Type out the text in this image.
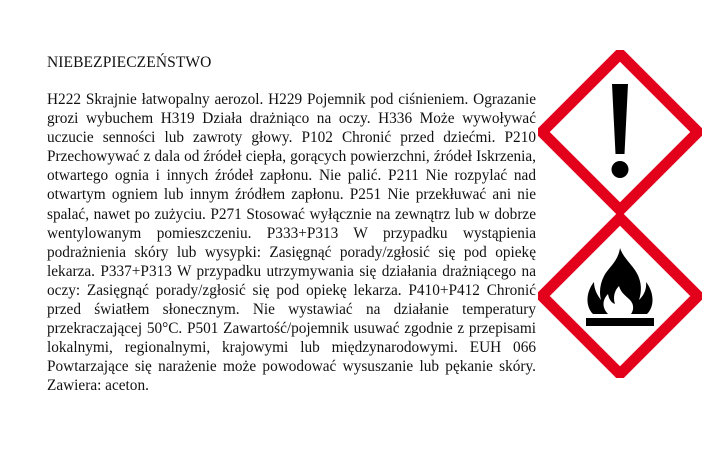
NIEBEZPIECZEŃSTWO

H222 Skrajnie łatwopalny aerozol. H229 Pojemnik pod ciśnieniem. Ograzanie grozi wybuchem H319 Działa drażniąco na oczy. H336 Może wywoływać uczucie senności lub zawroty głowy. P102 Chronić przed dziećmi. P210 Przechowywać z dala od źródeł ciepła, gorących powierzchni, źródeł Iskrzenia, otwartego ognia i innych źródeł zapłonu. Nie palić. P211 Nie rozpylać nad otwartym ogniem lub innym źródłem zapłonu. P251 Nie przekłuwać ani nie spalać, nawet po zużyciu. P271 Stosować wyłącznie na zewnątrz lub w dobrze wentylowanym pomieszczeniu. P333+P313 W przypadku wystąpienia podrażnienia skóry lub wysypki: Zasięgnąć porady/zgłosić się pod opiekę lekarza. P337+P313 W przypadku utrzymywania się działania drażniącego na oczy: Zasięgnąć porady/zgłosić się pod opiekę lekarza. P410+P412 Chronić przed światłem słonecznym. Nie wystawiać na działanie temperatury przekraczającej 50°C. P501 Zawartość/pojemnik usuwać zgodnie z przepisami lokalnymi, regionalnymi, krajowymi lub międzynarodowymi. EUH 066 Powtarzające się narażenie może powodować wysuszanie lub pękanie skóry. Zawiera: aceton.
